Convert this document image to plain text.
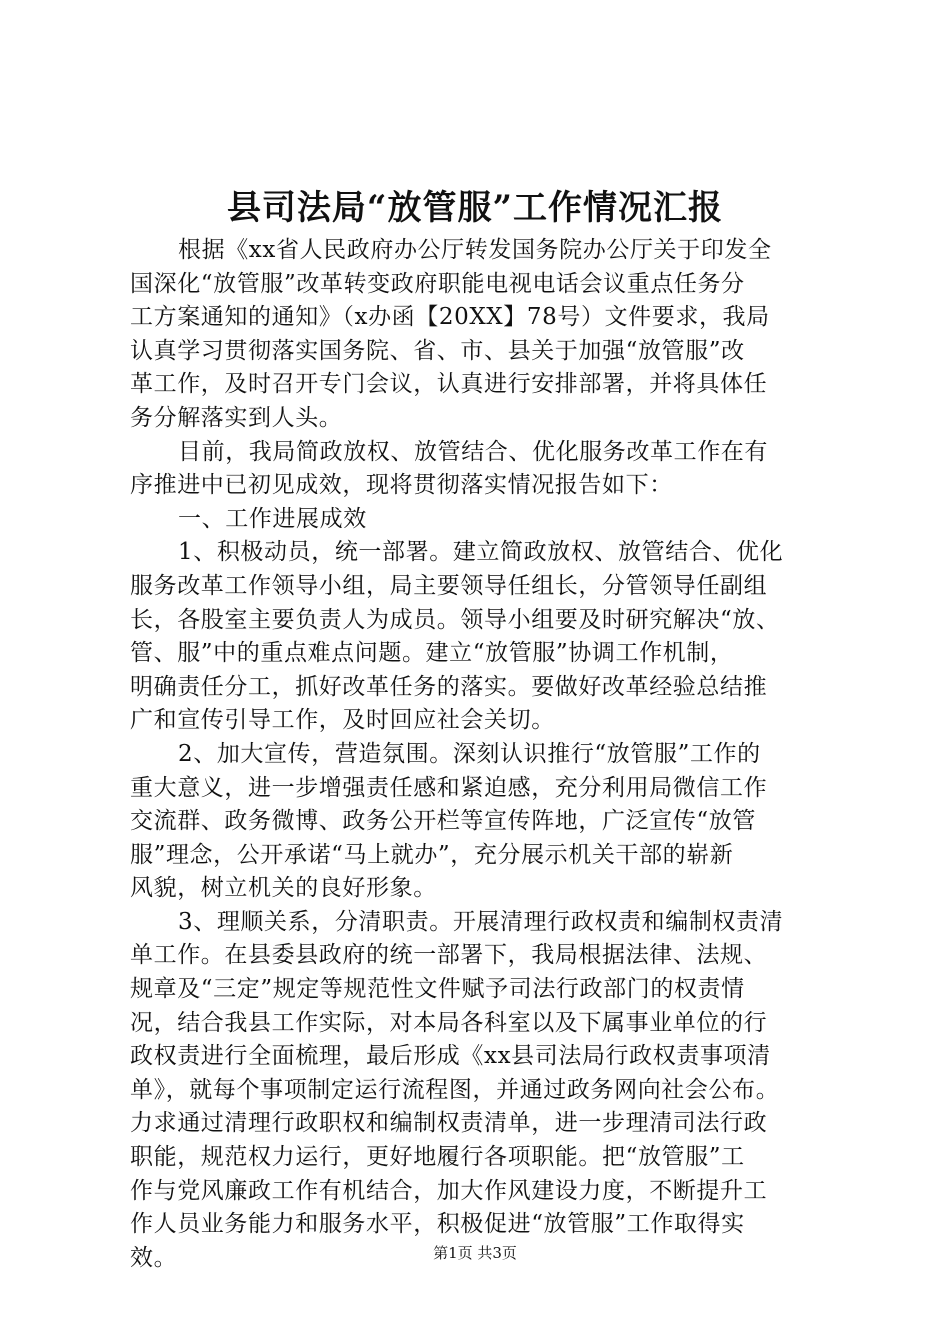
县司法局“放管服”工作情况汇报
根据《xx省人民政府办公厅转发国务院办公厅关于印发全
国深化“放管服”改革转变政府职能电视电话会议重点任务分
工方案通知的通知》（x办函【20XX】78号）文件要求，我局
认真学习贯彻落实国务院、省、市、县关于加强“放管服”改
革工作，及时召开专门会议，认真进行安排部署，并将具体任
务分解落实到人头。
目前，我局简政放权、放管结合、优化服务改革工作在有
序推进中已初见成效，现将贯彻落实情况报告如下：
一、工作进展成效
1、积极动员，统一部署。建立简政放权、放管结合、优化
服务改革工作领导小组，局主要领导任组长，分管领导任副组
长，各股室主要负责人为成员。领导小组要及时研究解决“放、
管、服”中的重点难点问题。建立“放管服”协调工作机制，
明确责任分工，抓好改革任务的落实。要做好改革经验总结推
广和宣传引导工作，及时回应社会关切。
2、加大宣传，营造氛围。深刻认识推行“放管服”工作的
重大意义，进一步增强责任感和紧迫感，充分利用局微信工作
交流群、政务微博、政务公开栏等宣传阵地，广泛宣传“放管
服”理念，公开承诺“马上就办”，充分展示机关干部的崭新
风貌，树立机关的良好形象。
3、理顺关系，分清职责。开展清理行政权责和编制权责清
单工作。在县委县政府的统一部署下，我局根据法律、法规、
规章及“三定”规定等规范性文件赋予司法行政部门的权责情
况，结合我县工作实际，对本局各科室以及下属事业单位的行
政权责进行全面梳理，最后形成《xx县司法局行政权责事项清
单》，就每个事项制定运行流程图，并通过政务网向社会公布。
力求通过清理行政职权和编制权责清单，进一步理清司法行政
职能，规范权力运行，更好地履行各项职能。把“放管服”工
作与党风廉政工作有机结合，加大作风建设力度，不断提升工
作人员业务能力和服务水平，积极促进“放管服”工作取得实
效。	第1页 共3页
